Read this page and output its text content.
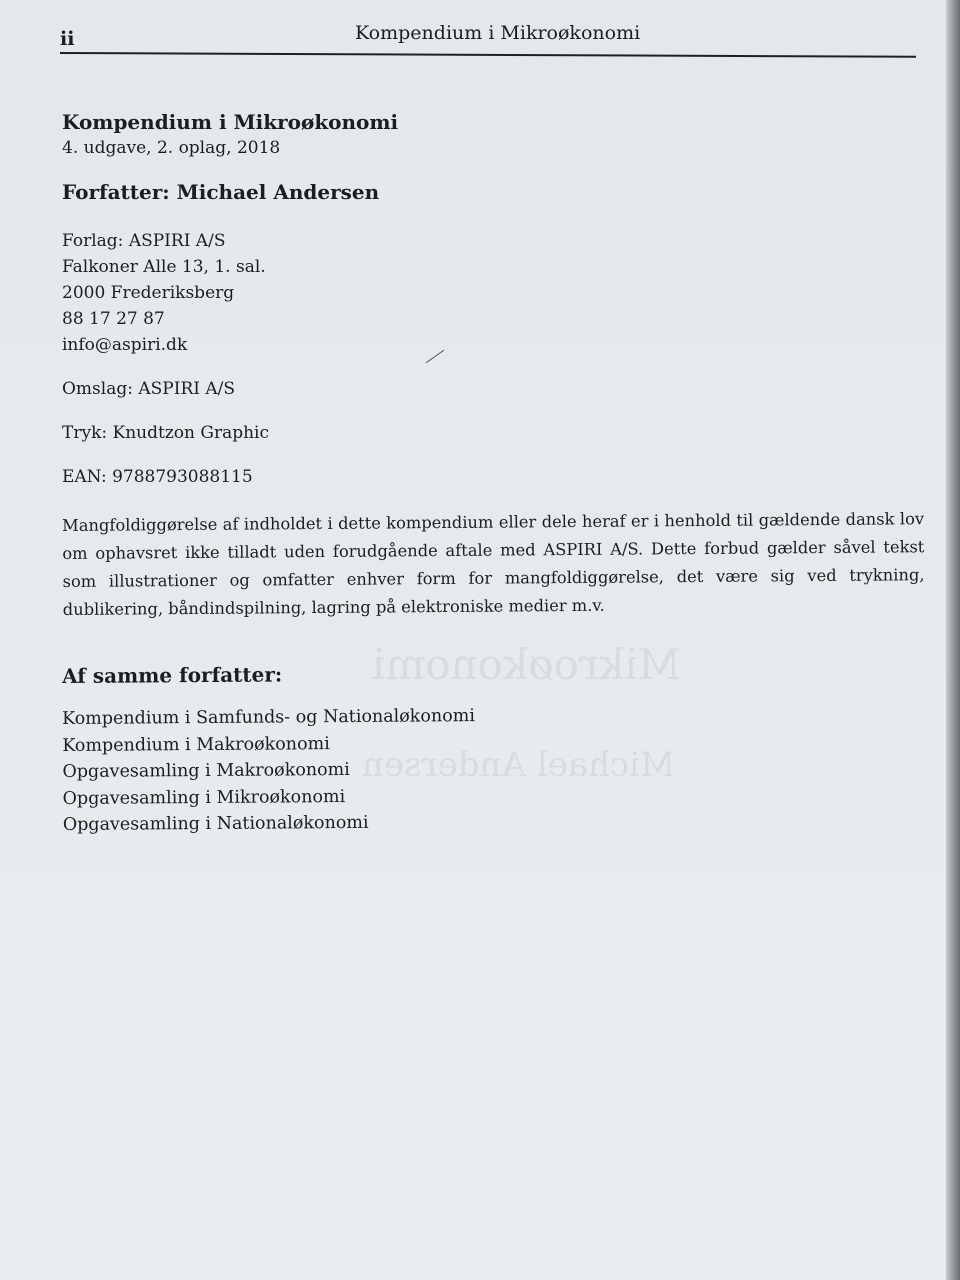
Mikroøkonomi
Michael Andersen
ii	Kompendium i Mikroøkonomi
Kompendium i Mikroøkonomi
4. udgave, 2. oplag, 2018
Forfatter: Michael Andersen
Forlag: ASPIRI A/S
Falkoner Alle 13, 1. sal.
2000 Frederiksberg
88 17 27 87
info@aspiri.dk
Omslag: ASPIRI A/S
Tryk: Knudtzon Graphic
EAN: 9788793088115
Mangfoldiggørelse af indholdet i dette kompendium eller dele heraf er i henhold til gældende dansk lov om ophavsret ikke tilladt uden forudgående aftale med ASPIRI A/S. Dette forbud gælder såvel tekst som illustrationer og omfatter enhver form for mangfoldiggørelse, det være sig ved trykning, dublikering, båndindspilning, lagring på elektroniske medier m.v.
Af samme forfatter:
Kompendium i Samfunds- og Nationaløkonomi
Kompendium i Makroøkonomi
Opgavesamling i Makroøkonomi
Opgavesamling i Mikroøkonomi
Opgavesamling i Nationaløkonomi
